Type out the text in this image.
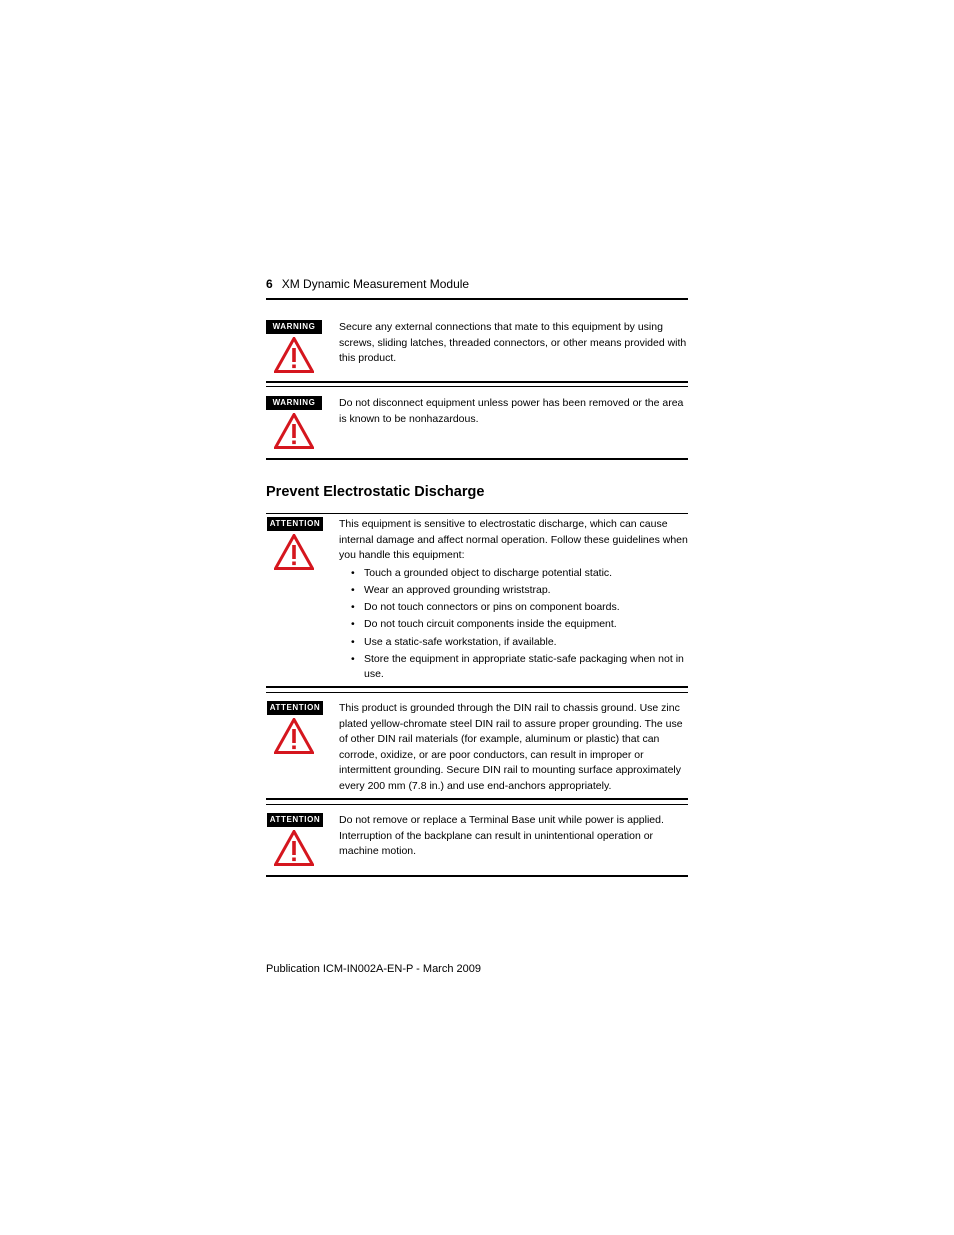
6 XM Dynamic Measurement Module
WARNING	Secure any external connections that mate to this equipment by using screws, sliding latches, threaded connectors, or other means provided with this product.

WARNING	Do not disconnect equipment unless power has been removed or the area is known to be nonhazardous.

Prevent Electrostatic Discharge
ATTENTION This equipment is sensitive to electrostatic discharge, which can cause internal damage and affect normal operation. Follow these guidelines when you handle this equipment:

• Touch a grounded object to discharge potential static.
• Wear an approved grounding wriststrap.
• Do not touch connectors or pins on component boards.
• Do not touch circuit components inside the equipment.
• Use a static-safe workstation, if available.
• Store the equipment in appropriate static-safe packaging when not in use.
ATTENTION This product is grounded through the DIN rail to chassis ground. Use zinc plated yellow-chromate steel DIN rail to assure proper grounding. The use of other DIN rail materials (for example, aluminum or plastic) that can corrode, oxidize, or are poor conductors, can result in improper or intermittent grounding. Secure DIN rail to mounting surface approximately every 200 mm (7.8 in.) and use end-anchors appropriately.

ATTENTION Do not remove or replace a Terminal Base unit while power is applied. Interruption of the backplane can result in unintentional operation or machine motion.

Publication ICM-IN002A-EN-P - March 2009
